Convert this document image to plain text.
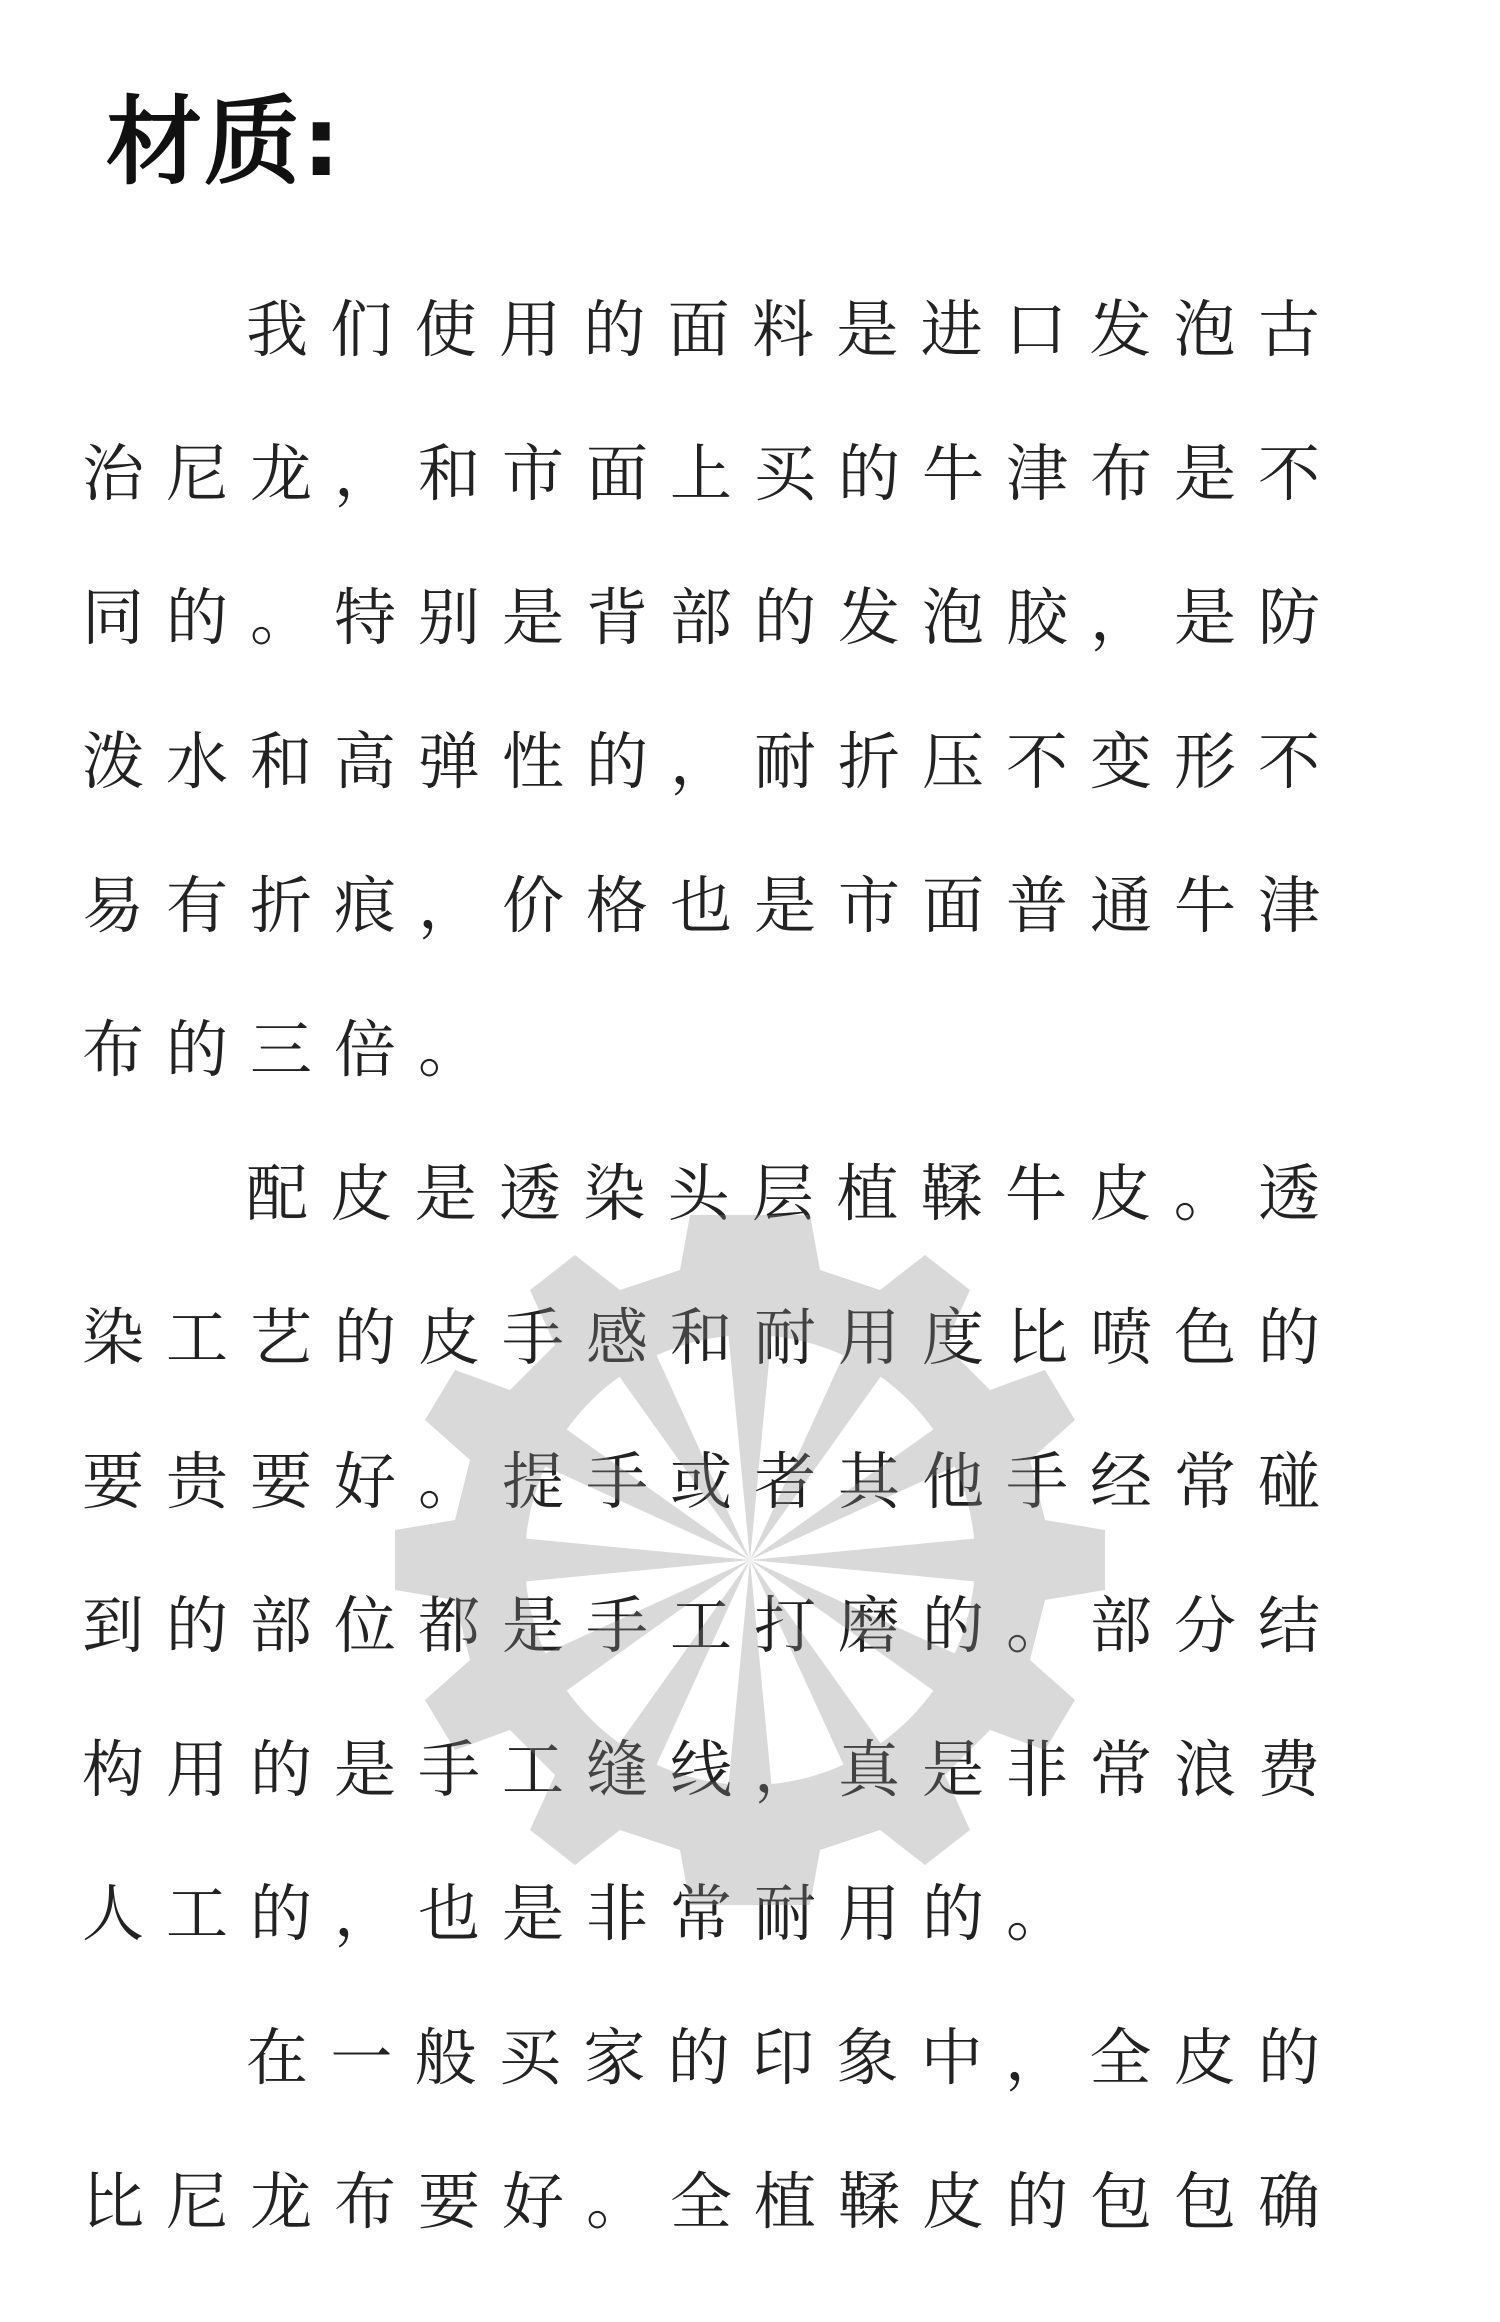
材质:

我们使用的面料是进口发泡古治尼龙，和市面上买的牛津布是不同的。特别是背部的发泡胶，是防泼水和高弹性的，耐折压不变形不易有折痕，价格也是市面普通牛津布的三倍。

配皮是透染头层植鞣牛皮。透染工艺的皮手感和耐用度比喷色的要贵要好。提手或者其他手经常碰到的部位都是手工打磨的。部分结构用的是手工缝线，真是非常浪费人工的，也是非常耐用的。

在一般买家的印象中，全皮的比尼龙布要好。全植鞣皮的包包确
